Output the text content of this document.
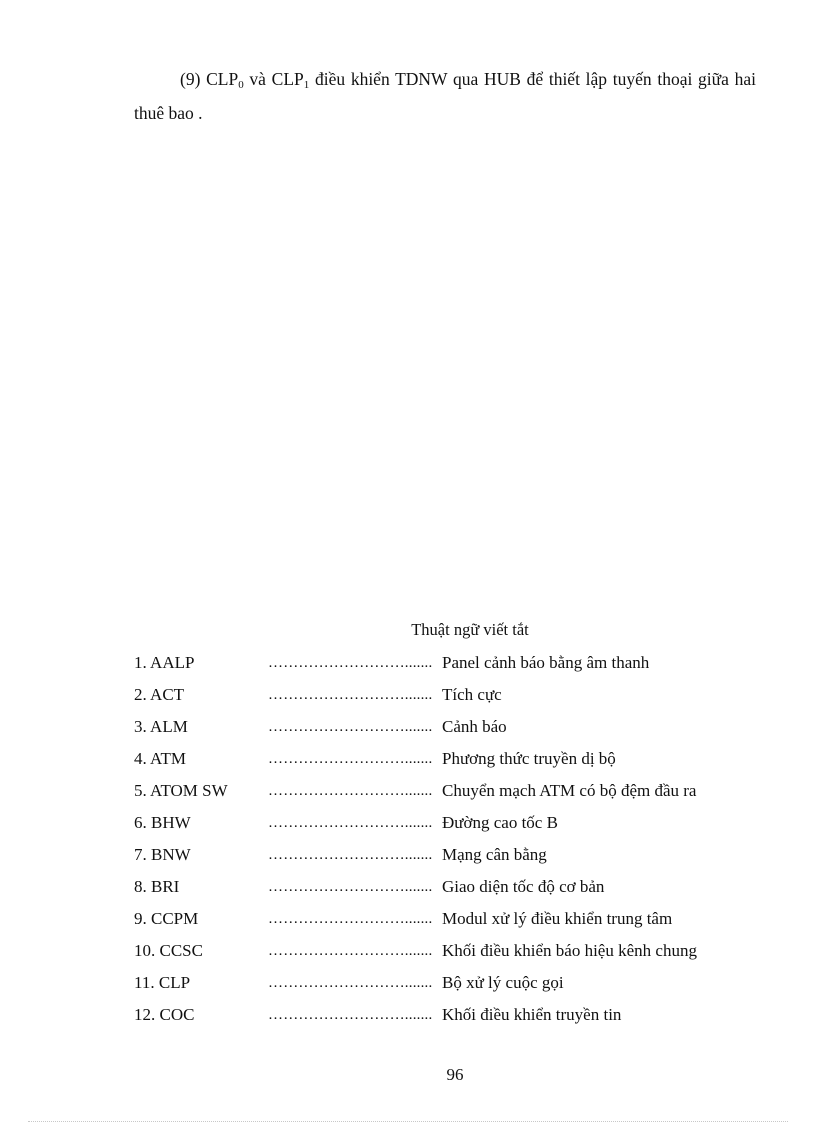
(9) $CLP_0$ và $CLP_1$ điều khiển TDNW qua HUB để thiết lập tuyến thoại giữa hai thuê bao .
Thuật ngữ viết tắt
1. AALP	………………………....... Panel cảnh báo bằng âm thanh
2. ACT	………………………....... Tích cực
3. ALM	………………………....... Cảnh báo
4. ATM	………………………....... Phương thức truyền dị bộ
5. ATOM SW	………………………....... Chuyển mạch ATM có bộ đệm đầu ra
6. BHW	………………………....... Đường cao tốc B
7. BNW	………………………....... Mạng cân bằng
8. BRI	………………………....... Giao diện tốc độ cơ bản
9. CCPM	………………………....... Modul xử lý điều khiển trung tâm
10. CCSC	………………………....... Khối điều khiển báo hiệu kênh chung
11. CLP	………………………....... Bộ xử lý cuộc gọi
12. COC	………………………....... Khối điều khiển truyền tin
96
